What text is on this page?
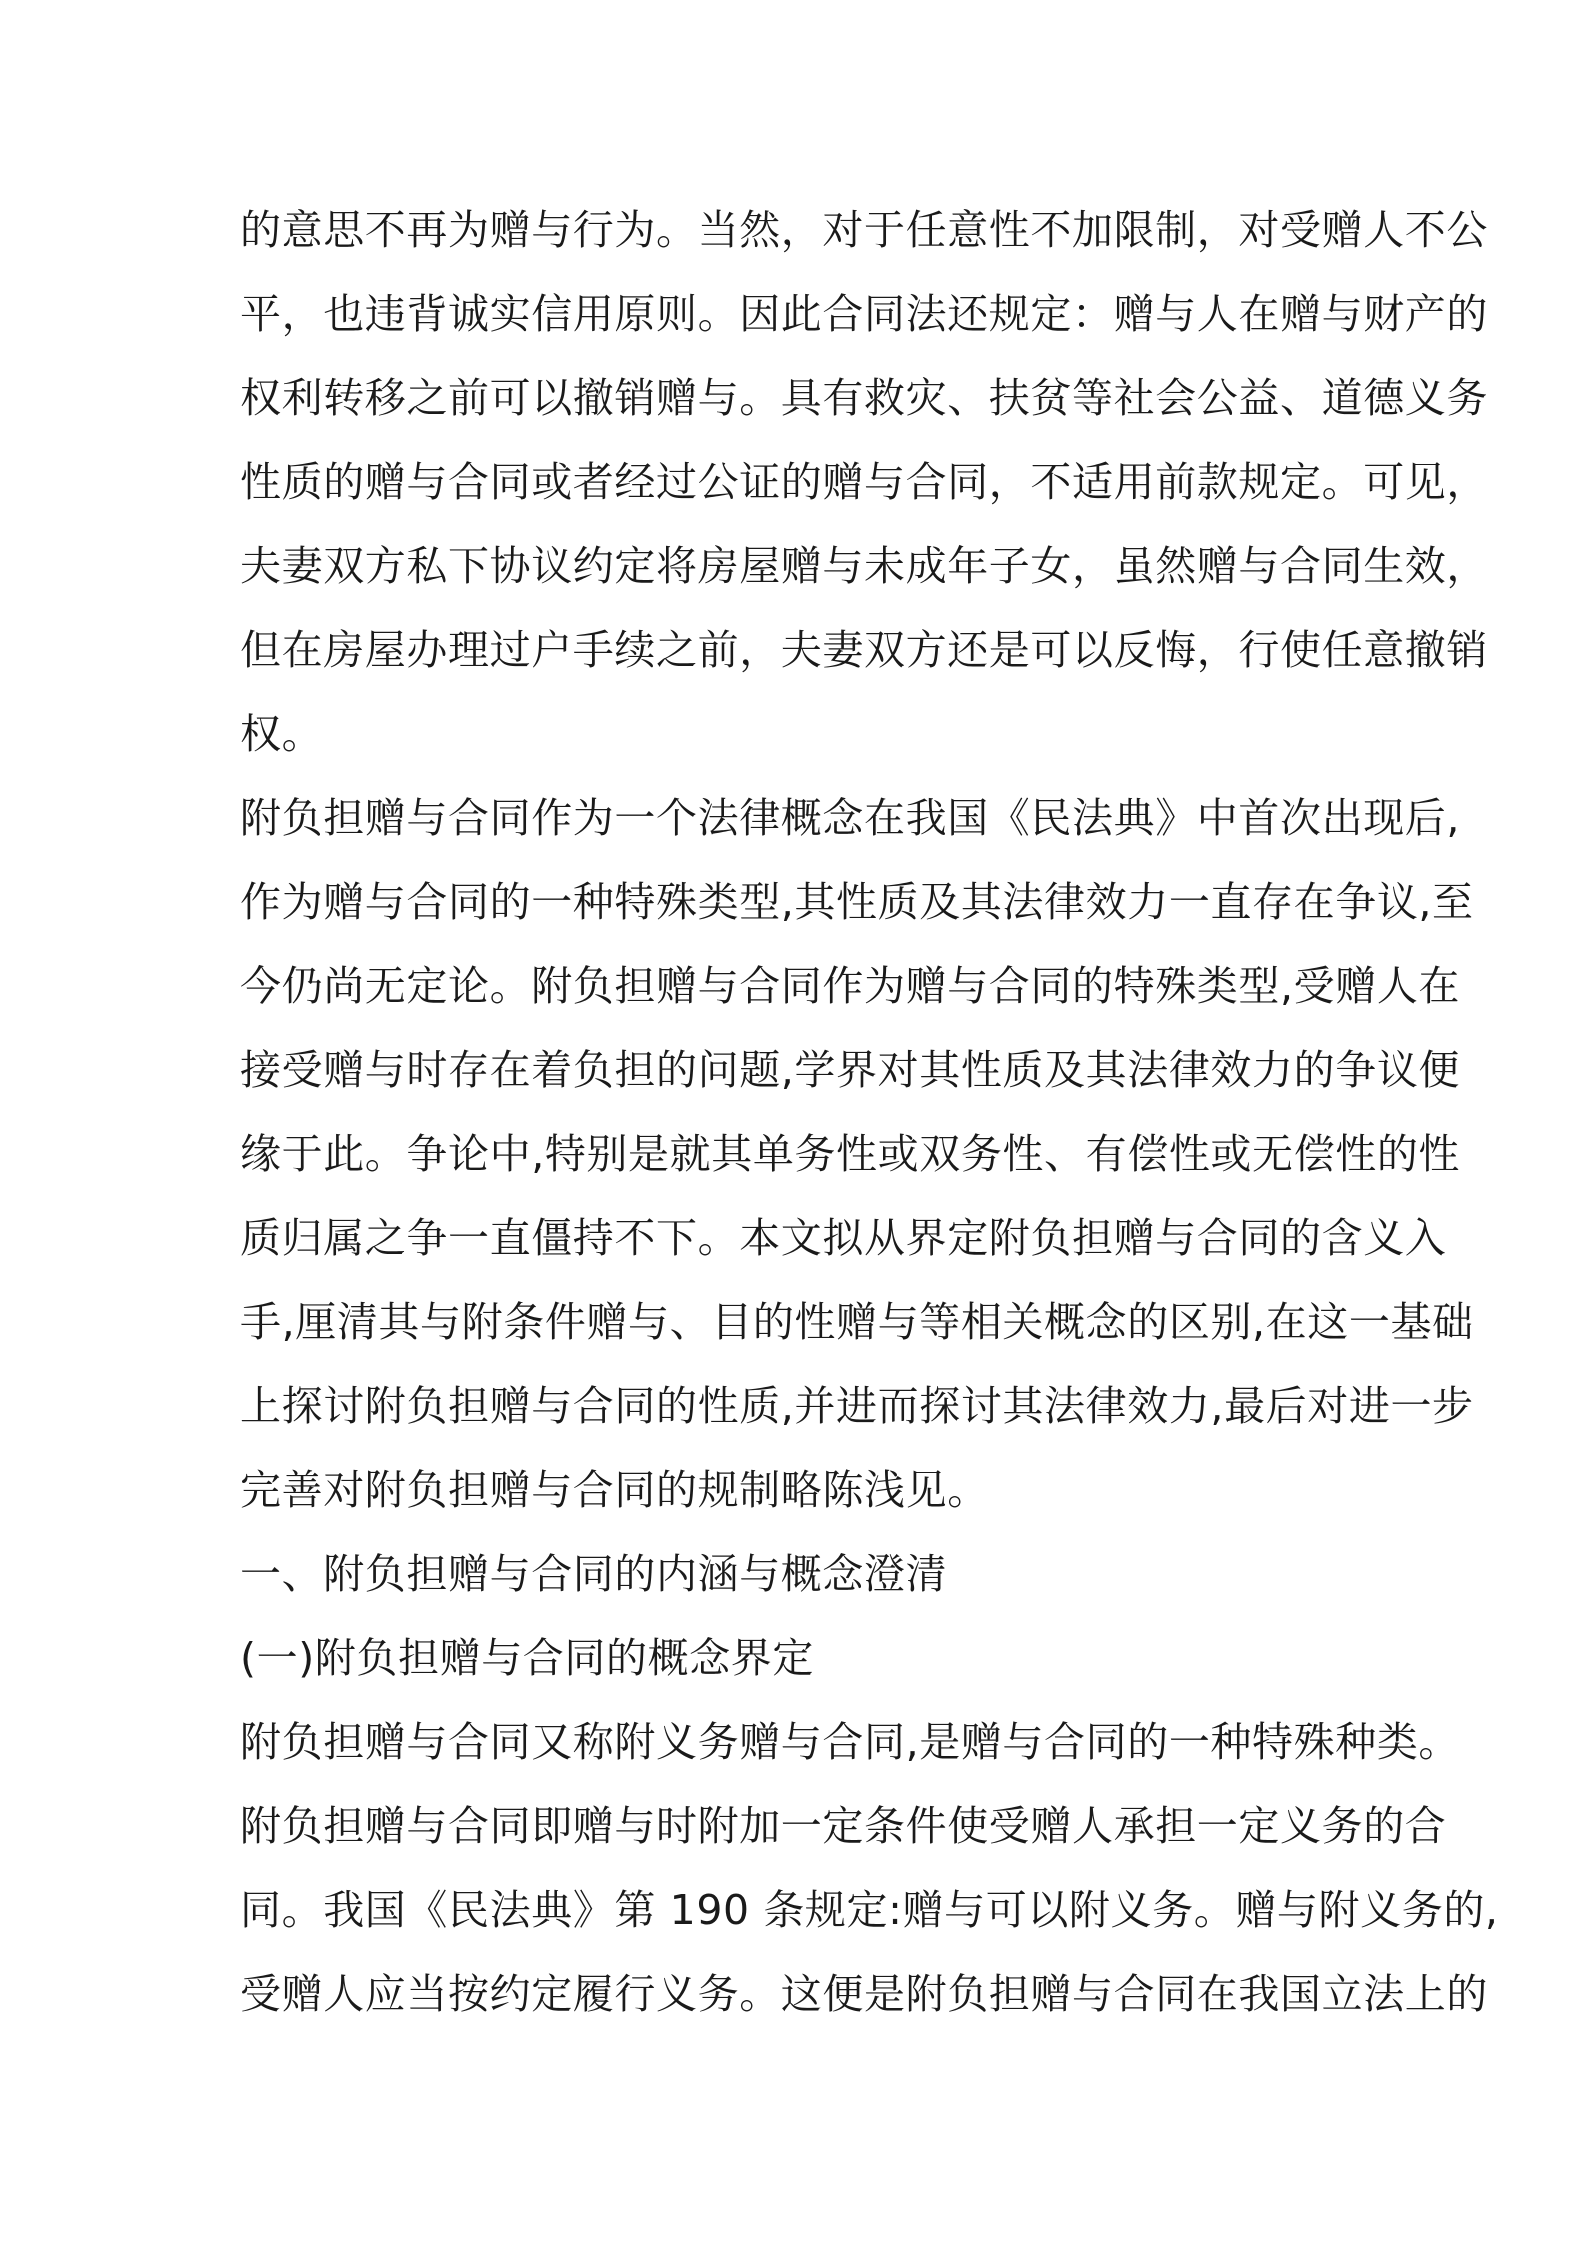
的意思不再为赠与行为。当然，对于任意性不加限制，对受赠人不公
平，也违背诚实信用原则。因此合同法还规定：赠与人在赠与财产的
权利转移之前可以撤销赠与。具有救灾、扶贫等社会公益、道德义务
性质的赠与合同或者经过公证的赠与合同，不适用前款规定。可见，
夫妻双方私下协议约定将房屋赠与未成年子女，虽然赠与合同生效，
但在房屋办理过户手续之前，夫妻双方还是可以反悔，行使任意撤销
权。
附负担赠与合同作为一个法律概念在我国《民法典》中首次出现后,
作为赠与合同的一种特殊类型,其性质及其法律效力一直存在争议,至
今仍尚无定论。附负担赠与合同作为赠与合同的特殊类型,受赠人在
接受赠与时存在着负担的问题,学界对其性质及其法律效力的争议便
缘于此。争论中,特别是就其单务性或双务性、有偿性或无偿性的性
质归属之争一直僵持不下。本文拟从界定附负担赠与合同的含义入
手,厘清其与附条件赠与、目的性赠与等相关概念的区别,在这一基础
上探讨附负担赠与合同的性质,并进而探讨其法律效力,最后对进一步
完善对附负担赠与合同的规制略陈浅见。
一、附负担赠与合同的内涵与概念澄清
(一)附负担赠与合同的概念界定
附负担赠与合同又称附义务赠与合同,是赠与合同的一种特殊种类。
附负担赠与合同即赠与时附加一定条件使受赠人承担一定义务的合
同。我国《民法典》第 190 条规定:赠与可以附义务。赠与附义务的,
受赠人应当按约定履行义务。这便是附负担赠与合同在我国立法上的
